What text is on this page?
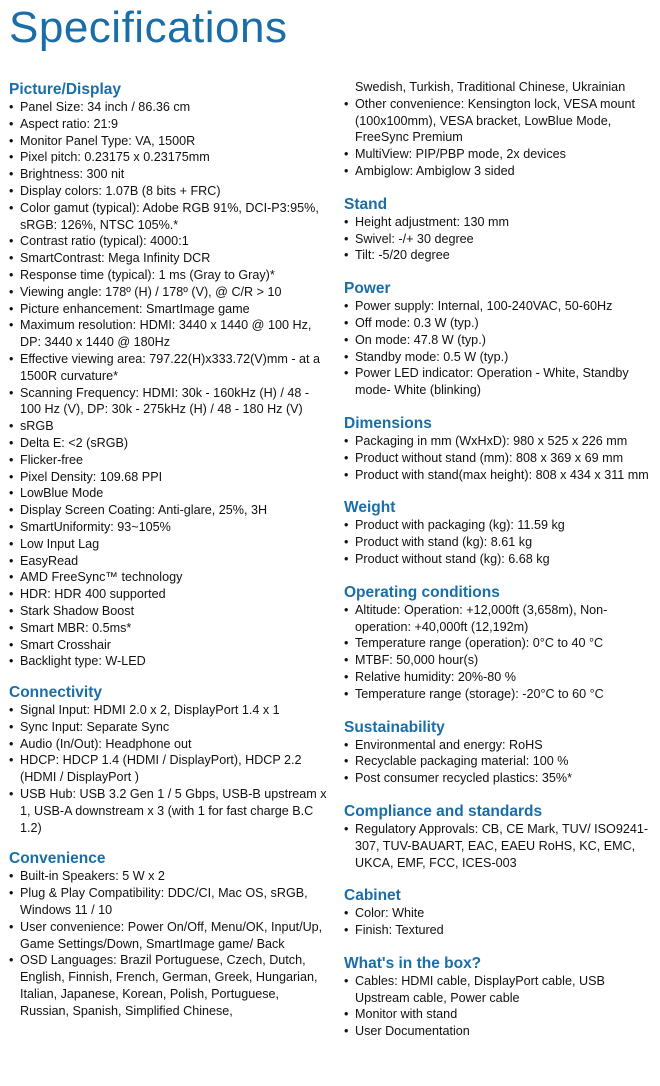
Specifications
Picture/Display
• Panel Size: 34 inch / 86.36 cm
• Aspect ratio: 21:9
• Monitor Panel Type: VA, 1500R
• Pixel pitch: 0.23175 x 0.23175mm
• Brightness: 300 nit
• Display colors: 1.07B (8 bits + FRC)
• Color gamut (typical): Adobe RGB 91%, DCI-P3:95%, sRGB: 126%, NTSC 105%.*
• Contrast ratio (typical): 4000:1
• SmartContrast: Mega Infinity DCR
• Response time (typical): 1 ms (Gray to Gray)*
• Viewing angle: 178º (H) / 178º (V), @ C/R > 10
• Picture enhancement: SmartImage game
• Maximum resolution: HDMI: 3440 x 1440 @ 100 Hz, DP: 3440 x 1440 @ 180Hz
• Effective viewing area: 797.22(H)x333.72(V)mm - at a 1500R curvature*
• Scanning Frequency: HDMI: 30k - 160kHz (H) / 48 - 100 Hz (V), DP: 30k - 275kHz (H) / 48 - 180 Hz (V)
• sRGB
• Delta E: <2 (sRGB)
• Flicker-free
• Pixel Density: 109.68 PPI
• LowBlue Mode
• Display Screen Coating: Anti-glare, 25%, 3H
• SmartUniformity: 93~105%
• Low Input Lag
• EasyRead
• AMD FreeSync™ technology
• HDR: HDR 400 supported
• Stark Shadow Boost
• Smart MBR: 0.5ms*
• Smart Crosshair
• Backlight type: W-LED
Connectivity
• Signal Input: HDMI 2.0 x 2, DisplayPort 1.4 x 1
• Sync Input: Separate Sync
• Audio (In/Out): Headphone out
• HDCP: HDCP 1.4 (HDMI / DisplayPort), HDCP 2.2 (HDMI / DisplayPort )
• USB Hub: USB 3.2 Gen 1 / 5 Gbps, USB-B upstream x 1, USB-A downstream x 3 (with 1 for fast charge B.C 1.2)
Convenience
• Built-in Speakers: 5 W x 2
• Plug & Play Compatibility: DDC/CI, Mac OS, sRGB, Windows 11 / 10
• User convenience: Power On/Off, Menu/OK, Input/Up, Game Settings/Down, SmartImage game/ Back
• OSD Languages: Brazil Portuguese, Czech, Dutch, English, Finnish, French, German, Greek, Hungarian, Italian, Japanese, Korean, Polish, Portuguese, Russian, Spanish, Simplified Chinese,
Swedish, Turkish, Traditional Chinese, Ukrainian
• Other convenience: Kensington lock, VESA mount (100x100mm), VESA bracket, LowBlue Mode, FreeSync Premium
• MultiView: PIP/PBP mode, 2x devices
• Ambiglow: Ambiglow 3 sided
Stand
• Height adjustment: 130 mm
• Swivel: -/+ 30 degree
• Tilt: -5/20 degree
Power
• Power supply: Internal, 100-240VAC, 50-60Hz
• Off mode: 0.3 W (typ.)
• On mode: 47.8 W (typ.)
• Standby mode: 0.5 W (typ.)
• Power LED indicator: Operation - White, Standby mode- White (blinking)
Dimensions
• Packaging in mm (WxHxD): 980 x 525 x 226 mm
• Product without stand (mm): 808 x 369 x 69 mm
• Product with stand(max height): 808 x 434 x 311 mm
Weight
• Product with packaging (kg): 11.59 kg
• Product with stand (kg): 8.61 kg
• Product without stand (kg): 6.68 kg
Operating conditions
• Altitude: Operation: +12,000ft (3,658m), Non-operation: +40,000ft (12,192m)
• Temperature range (operation): 0°C to 40 °C
• MTBF: 50,000 hour(s)
• Relative humidity: 20%-80 %
• Temperature range (storage): -20°C to 60 °C
Sustainability
• Environmental and energy: RoHS
• Recyclable packaging material: 100 %
• Post consumer recycled plastics: 35%*
Compliance and standards
• Regulatory Approvals: CB, CE Mark, TUV/ ISO9241-307, TUV-BAUART, EAC, EAEU RoHS, KC, EMC, UKCA, EMF, FCC, ICES-003
Cabinet
• Color: White
• Finish: Textured
What's in the box?
• Cables: HDMI cable, DisplayPort cable, USB Upstream cable, Power cable
• Monitor with stand
• User Documentation
